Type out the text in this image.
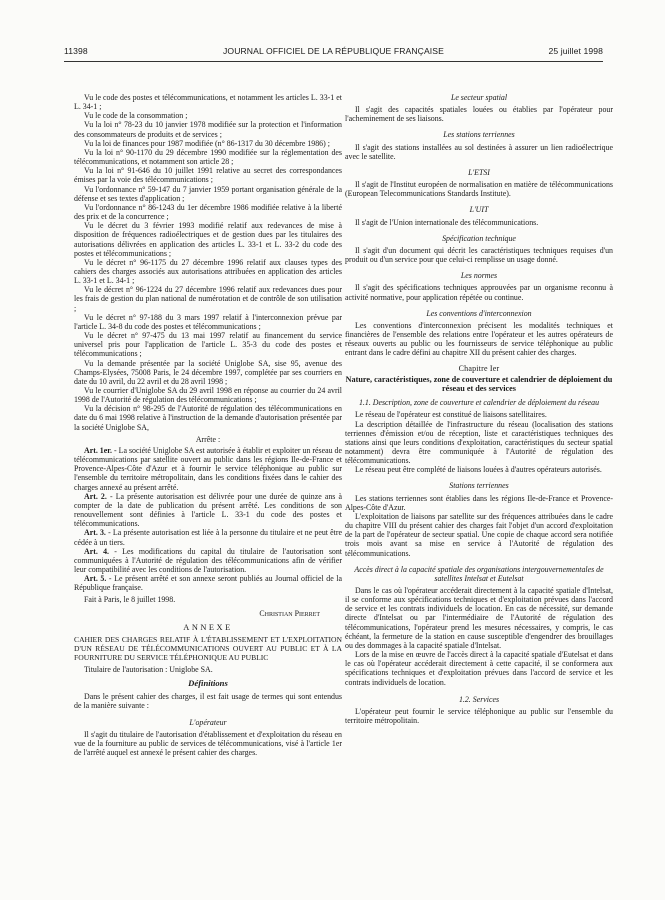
11398	JOURNAL OFFICIEL DE LA RÉPUBLIQUE FRANÇAISE	25 juillet 1998

Vu le code des postes et télécommunications, et notamment les articles L. 33-1 et L. 34-1 ;

Vu le code de la consommation ;

Vu la loi n° 78-23 du 10 janvier 1978 modifiée sur la protection et l'information des consommateurs de produits et de services ;

Vu la loi de finances pour 1987 modifiée (n° 86-1317 du 30 décembre 1986) ;

Vu la loi n° 90-1170 du 29 décembre 1990 modifiée sur la réglementation des télécommunications, et notamment son article 28 ;

Vu la loi n° 91-646 du 10 juillet 1991 relative au secret des correspondances émises par la voie des télécommunications ;

Vu l'ordonnance n° 59-147 du 7 janvier 1959 portant organisation générale de la défense et ses textes d'application ;

Vu l'ordonnance n° 86-1243 du 1er décembre 1986 modifiée relative à la liberté des prix et de la concurrence ;

Vu le décret du 3 février 1993 modifié relatif aux redevances de mise à disposition de fréquences radioélectriques et de gestion dues par les titulaires des autorisations délivrées en application des articles L. 33-1 et L. 33-2 du code des postes et télécommunications ;

Vu le décret n° 96-1175 du 27 décembre 1996 relatif aux clauses types des cahiers des charges associés aux autorisations attribuées en application des articles L. 33-1 et L. 34-1 ;

Vu le décret n° 96-1224 du 27 décembre 1996 relatif aux redevances dues pour les frais de gestion du plan national de numérotation et de contrôle de son utilisation ;

Vu le décret n° 97-188 du 3 mars 1997 relatif à l'interconnexion prévue par l'article L. 34-8 du code des postes et télécommunications ;

Vu le décret n° 97-475 du 13 mai 1997 relatif au financement du service universel pris pour l'application de l'article L. 35-3 du code des postes et télécommunications ;

Vu la demande présentée par la société Uniglobe SA, sise 95, avenue des Champs-Elysées, 75008 Paris, le 24 décembre 1997, complétée par ses courriers en date du 10 avril, du 22 avril et du 28 avril 1998 ;

Vu le courrier d'Uniglobe SA du 29 avril 1998 en réponse au courrier du 24 avril 1998 de l'Autorité de régulation des télécommunications ;

Vu la décision n° 98-295 de l'Autorité de régulation des télécommunications en date du 6 mai 1998 relative à l'instruction de la demande d'autorisation présentée par la société Uniglobe SA,

Arrête :

Art. 1er. - La société Uniglobe SA est autorisée à établir et exploiter un réseau de télécommunications par satellite ouvert au public dans les régions Ile-de-France et Provence-Alpes-Côte d'Azur et à fournir le service téléphonique au public sur l'ensemble du territoire métropolitain, dans les conditions fixées dans le cahier des charges annexé au présent arrêté.

Art. 2. - La présente autorisation est délivrée pour une durée de quinze ans à compter de la date de publication du présent arrêté. Les conditions de son renouvellement sont définies à l'article L. 33-1 du code des postes et télécommunications.

Art. 3. - La présente autorisation est liée à la personne du titulaire et ne peut être cédée à un tiers.

Art. 4. - Les modifications du capital du titulaire de l'autorisation sont communiquées à l'Autorité de régulation des télécommunications afin de vérifier leur compatibilité avec les conditions de l'autorisation.

Art. 5. - Le présent arrêté et son annexe seront publiés au Journal officiel de la République française.

Fait à Paris, le 8 juillet 1998.

Christian Pierret
ANNEXE
CAHIER DES CHARGES RELATIF À L'ÉTABLISSEMENT ET L'EXPLOITATION D'UN RÉSEAU DE TÉLÉCOMMUNICATIONS OUVERT AU PUBLIC ET À LA FOURNITURE DU SERVICE TÉLÉPHONIQUE AU PUBLIC

Titulaire de l'autorisation : Uniglobe SA.

Définitions

Dans le présent cahier des charges, il est fait usage de termes qui sont entendus de la manière suivante :

L'opérateur

Il s'agit du titulaire de l'autorisation d'établissement et d'exploitation du réseau en vue de la fourniture au public de services de télécommunications, visé à l'article 1er de l'arrêté auquel est annexé le présent cahier des charges.

Le secteur spatial

Il s'agit des capacités spatiales louées ou établies par l'opérateur pour l'acheminement de ses liaisons.

Les stations terriennes

Il s'agit des stations installées au sol destinées à assurer un lien radioélectrique avec le satellite.

L'ETSI

Il s'agit de l'Institut européen de normalisation en matière de télécommunications (European Telecommunications Standards Institute).

L'UIT

Il s'agit de l'Union internationale des télécommunications.

Spécification technique

Il s'agit d'un document qui décrit les caractéristiques techniques requises d'un produit ou d'un service pour que celui-ci remplisse un usage donné.

Les normes

Il s'agit des spécifications techniques approuvées par un organisme reconnu à activité normative, pour application répétée ou continue.

Les conventions d'interconnexion

Les conventions d'interconnexion précisent les modalités techniques et financières de l'ensemble des relations entre l'opérateur et les autres opérateurs de réseaux ouverts au public ou les fournisseurs de service téléphonique au public entrant dans le cadre défini au chapitre XII du présent cahier des charges.

Chapitre Ier
Nature, caractéristiques, zone de couverture et calendrier de déploiement du réseau et des services
1.1. Description, zone de couverture et calendrier de déploiement du réseau

Le réseau de l'opérateur est constitué de liaisons satellitaires.

La description détaillée de l'infrastructure du réseau (localisation des stations terriennes d'émission et/ou de réception, liste et caractéristiques techniques des stations ainsi que leurs conditions d'exploitation, caractéristiques du secteur spatial notamment) devra être communiquée à l'Autorité de régulation des télécommunications.

Le réseau peut être complété de liaisons louées à d'autres opérateurs autorisés.

Stations terriennes

Les stations terriennes sont établies dans les régions Ile-de-France et Provence-Alpes-Côte d'Azur.

L'exploitation de liaisons par satellite sur des fréquences attribuées dans le cadre du chapitre VIII du présent cahier des charges fait l'objet d'un accord d'exploitation de la part de l'opérateur de secteur spatial. Une copie de chaque accord sera notifiée trois mois avant sa mise en service à l'Autorité de régulation des télécommunications.

Accès direct à la capacité spatiale des organisations intergouvernementales de satellites Intelsat et Eutelsat

Dans le cas où l'opérateur accéderait directement à la capacité spatiale d'Intelsat, il se conforme aux spécifications techniques et d'exploitation prévues dans l'accord de service et les contrats individuels de location. En cas de nécessité, sur demande directe d'Intelsat ou par l'intermédiaire de l'Autorité de régulation des télécommunications, l'opérateur prend les mesures nécessaires, y compris, le cas échéant, la fermeture de la station en cause susceptible d'engendrer des brouillages ou des dommages à la capacité spatiale d'Intelsat.

Lors de la mise en œuvre de l'accès direct à la capacité spatiale d'Eutelsat et dans le cas où l'opérateur accéderait directement à cette capacité, il se conformera aux spécifications techniques et d'exploitation prévues dans l'accord de service et les contrats individuels de location.

1.2. Services

L'opérateur peut fournir le service téléphonique au public sur l'ensemble du territoire métropolitain.
